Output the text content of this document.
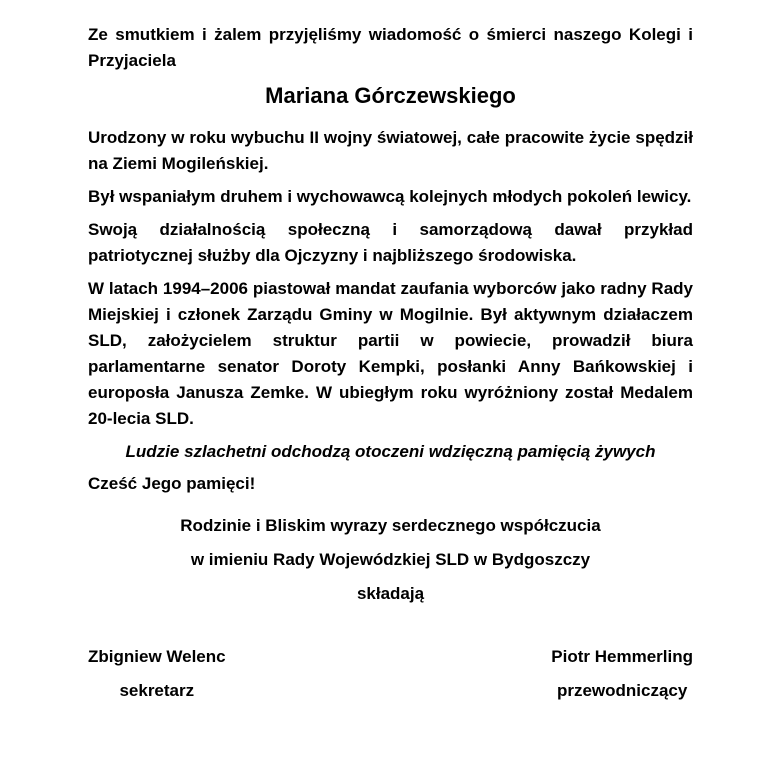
Ze smutkiem i żalem przyjęliśmy wiadomość o śmierci naszego Kolegi i Przyjaciela

Mariana Górczewskiego

Urodzony w roku wybuchu II wojny światowej, całe pracowite życie spędził na Ziemi Mogileńskiej.

Był wspaniałym druhem i wychowawcą kolejnych młodych pokoleń lewicy.

Swoją działalnością społeczną i samorządową dawał przykład patriotycznej służby dla Ojczyzny i najbliższego środowiska.

W latach 1994–2006 piastował mandat zaufania wyborców jako radny Rady Miejskiej i członek Zarządu Gminy w Mogilnie. Był aktywnym działaczem SLD, założycielem struktur partii w powiecie, prowadził biura parlamentarne senator Doroty Kempki, posłanki Anny Bańkowskiej i europosła Janusza Zemke. W ubiegłym roku wyróżniony został Medalem 20-lecia SLD.

Ludzie szlachetni odchodzą otoczeni wdzięczną pamięcią żywych

Cześć Jego pamięci!

Rodzinie i Bliskim wyrazy serdecznego współczucia

w imieniu Rady Wojewódzkiej SLD w Bydgoszczy

składają

Zbigniew Welenc
sekretarz
Piotr Hemmerling
przewodniczący
